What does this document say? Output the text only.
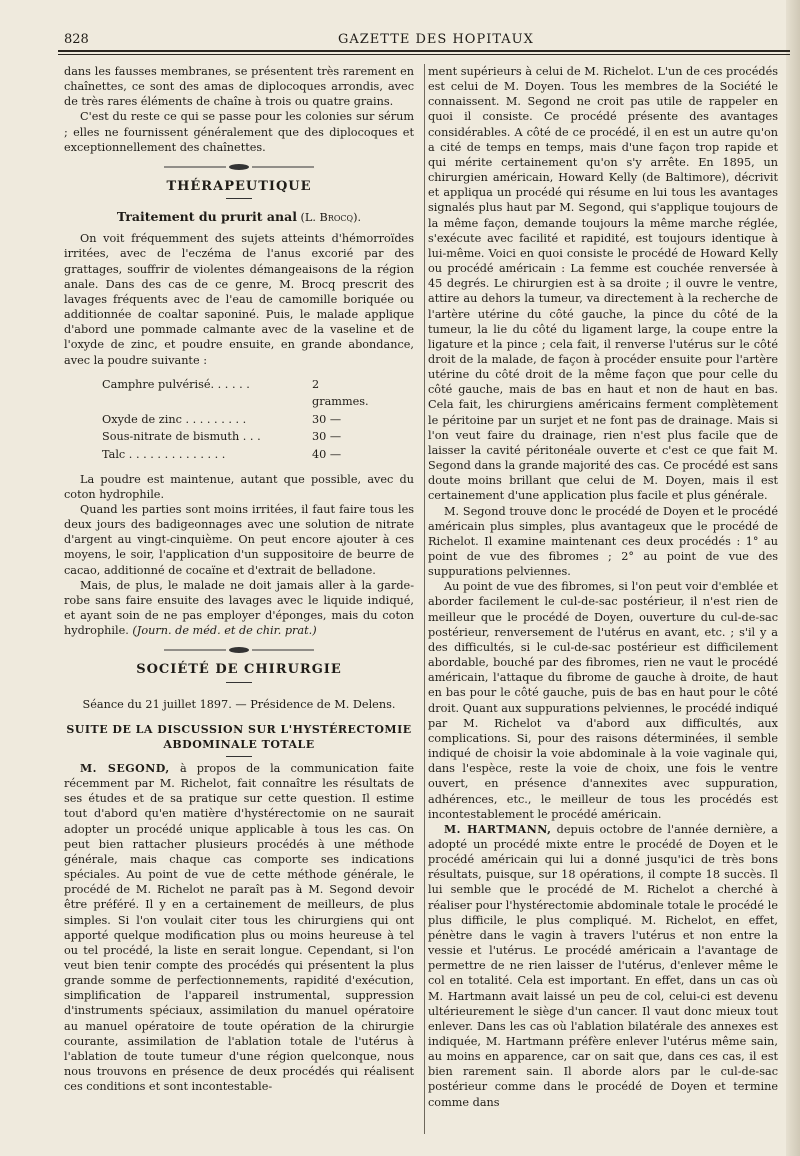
828	GAZETTE DES HOPITAUX

dans les fausses membranes, se présentent très rarement en chaînettes, ce sont des amas de diplocoques arrondis, avec de très rares éléments de chaîne à trois ou quatre grains.

C'est du reste ce qui se passe pour les colonies sur sérum ; elles ne fournissent généralement que des diplocoques et exceptionnellement des chaînettes.

THÉRAPEUTIQUE

Traitement du prurit anal (L. Brocq).

On voit fréquemment des sujets atteints d'hémorroïdes irritées, avec de l'eczéma de l'anus excorié par des grattages, souffrir de violentes démangeaisons de la région anale. Dans des cas de ce genre, M. Brocq prescrit des lavages fréquents avec de l'eau de camomille boriquée ou additionnée de coaltar saponiné. Puis, le malade applique d'abord une pommade calmante avec de la vaseline et de l'oxyde de zinc, et poudre ensuite, en grande abondance, avec la poudre suivante :

Camphre pulvérisé. . . . . .	2 grammes.
Oxyde de zinc . . . . . . . . .	30 —
Sous-nitrate de bismuth . . .	30 —
Talc . . . . . . . . . . . . . .	40 —

La poudre est maintenue, autant que possible, avec du coton hydrophile.

Quand les parties sont moins irritées, il faut faire tous les deux jours des badigeonnages avec une solution de nitrate d'argent au vingt-cinquième. On peut encore ajouter à ces moyens, le soir, l'application d'un suppositoire de beurre de cacao, additionné de cocaïne et d'extrait de belladone.

Mais, de plus, le malade ne doit jamais aller à la garde-robe sans faire ensuite des lavages avec le liquide indiqué, et ayant soin de ne pas employer d'éponges, mais du coton hydrophile. (Journ. de méd. et de chir. prat.)

SOCIÉTÉ DE CHIRURGIE

Séance du 21 juillet 1897. — Présidence de M. Delens.

SUITE DE LA DISCUSSION SUR L'HYSTÉRECTOMIE

ABDOMINALE TOTALE

M. SEGOND, à propos de la communication faite récemment par M. Richelot, fait connaître les résultats de ses études et de sa pratique sur cette question. Il estime tout d'abord qu'en matière d'hystérectomie on ne saurait adopter un procédé unique applicable à tous les cas. On peut bien rattacher plusieurs procédés à une méthode générale, mais chaque cas comporte ses indications spéciales. Au point de vue de cette méthode générale, le procédé de M. Richelot ne paraît pas à M. Segond devoir être préféré. Il y en a certainement de meilleurs, de plus simples. Si l'on voulait citer tous les chirurgiens qui ont apporté quelque modification plus ou moins heureuse à tel ou tel procédé, la liste en serait longue. Cependant, si l'on veut bien tenir compte des procédés qui présentent la plus grande somme de perfectionnements, rapidité d'exécution, simplification de l'appareil instrumental, suppression d'instruments spéciaux, assimilation du manuel opératoire au manuel opératoire de toute opération de la chirurgie courante, assimilation de l'ablation totale de l'utérus à l'ablation de toute tumeur d'une région quelconque, nous nous trouvons en présence de deux procédés qui réalisent ces conditions et sont incontestable-

ment supérieurs à celui de M. Richelot. L'un de ces procédés est celui de M. Doyen. Tous les membres de la Société le connaissent. M. Segond ne croit pas utile de rappeler en quoi il consiste. Ce procédé présente des avantages considérables. A côté de ce procédé, il en est un autre qu'on a cité de temps en temps, mais d'une façon trop rapide et qui mérite certainement qu'on s'y arrête. En 1895, un chirurgien américain, Howard Kelly (de Baltimore), décrivit et appliqua un procédé qui résume en lui tous les avantages signalés plus haut par M. Segond, qui s'applique toujours de la même façon, demande toujours la même marche réglée, s'exécute avec facilité et rapidité, est toujours identique à lui-même. Voici en quoi consiste le procédé de Howard Kelly ou procédé américain : La femme est couchée renversée à 45 degrés. Le chirurgien est à sa droite ; il ouvre le ventre, attire au dehors la tumeur, va directement à la recherche de l'artère utérine du côté gauche, la pince du côté de la tumeur, la lie du côté du ligament large, la coupe entre la ligature et la pince ; cela fait, il renverse l'utérus sur le côté droit de la malade, de façon à procéder ensuite pour l'artère utérine du côté droit de la même façon que pour celle du côté gauche, mais de bas en haut et non de haut en bas. Cela fait, les chirurgiens américains ferment complètement le péritoine par un surjet et ne font pas de drainage. Mais si l'on veut faire du drainage, rien n'est plus facile que de laisser la cavité péritonéale ouverte et c'est ce que fait M. Segond dans la grande majorité des cas. Ce procédé est sans doute moins brillant que celui de M. Doyen, mais il est certainement d'une application plus facile et plus générale.

M. Segond trouve donc le procédé de Doyen et le procédé américain plus simples, plus avantageux que le procédé de Richelot. Il examine maintenant ces deux procédés : 1° au point de vue des fibromes ; 2° au point de vue des suppurations pelviennes.

Au point de vue des fibromes, si l'on peut voir d'emblée et aborder facilement le cul-de-sac postérieur, il n'est rien de meilleur que le procédé de Doyen, ouverture du cul-de-sac postérieur, renversement de l'utérus en avant, etc. ; s'il y a des difficultés, si le cul-de-sac postérieur est difficilement abordable, bouché par des fibromes, rien ne vaut le procédé américain, l'attaque du fibrome de gauche à droite, de haut en bas pour le côté gauche, puis de bas en haut pour le côté droit. Quant aux suppurations pelviennes, le procédé indiqué par M. Richelot va d'abord aux difficultés, aux complications. Si, pour des raisons déterminées, il semble indiqué de choisir la voie abdominale à la voie vaginale qui, dans l'espèce, reste la voie de choix, une fois le ventre ouvert, en présence d'annexites avec suppuration, adhérences, etc., le meilleur de tous les procédés est incontestablement le procédé américain.

M. HARTMANN, depuis octobre de l'année dernière, a adopté un procédé mixte entre le procédé de Doyen et le procédé américain qui lui a donné jusqu'ici de très bons résultats, puisque, sur 18 opérations, il compte 18 succès. Il lui semble que le procédé de M. Richelot a cherché à réaliser pour l'hystérectomie abdominale totale le procédé le plus difficile, le plus compliqué. M. Richelot, en effet, pénètre dans le vagin à travers l'utérus et non entre la vessie et l'utérus. Le procédé américain a l'avantage de permettre de ne rien laisser de l'utérus, d'enlever même le col en totalité. Cela est important. En effet, dans un cas où M. Hartmann avait laissé un peu de col, celui-ci est devenu ultérieurement le siège d'un cancer. Il vaut donc mieux tout enlever. Dans les cas où l'ablation bilatérale des annexes est indiquée, M. Hartmann préfère enlever l'utérus même sain, au moins en apparence, car on sait que, dans ces cas, il est bien rarement sain. Il aborde alors par le cul-de-sac postérieur comme dans le procédé de Doyen et termine comme dans
